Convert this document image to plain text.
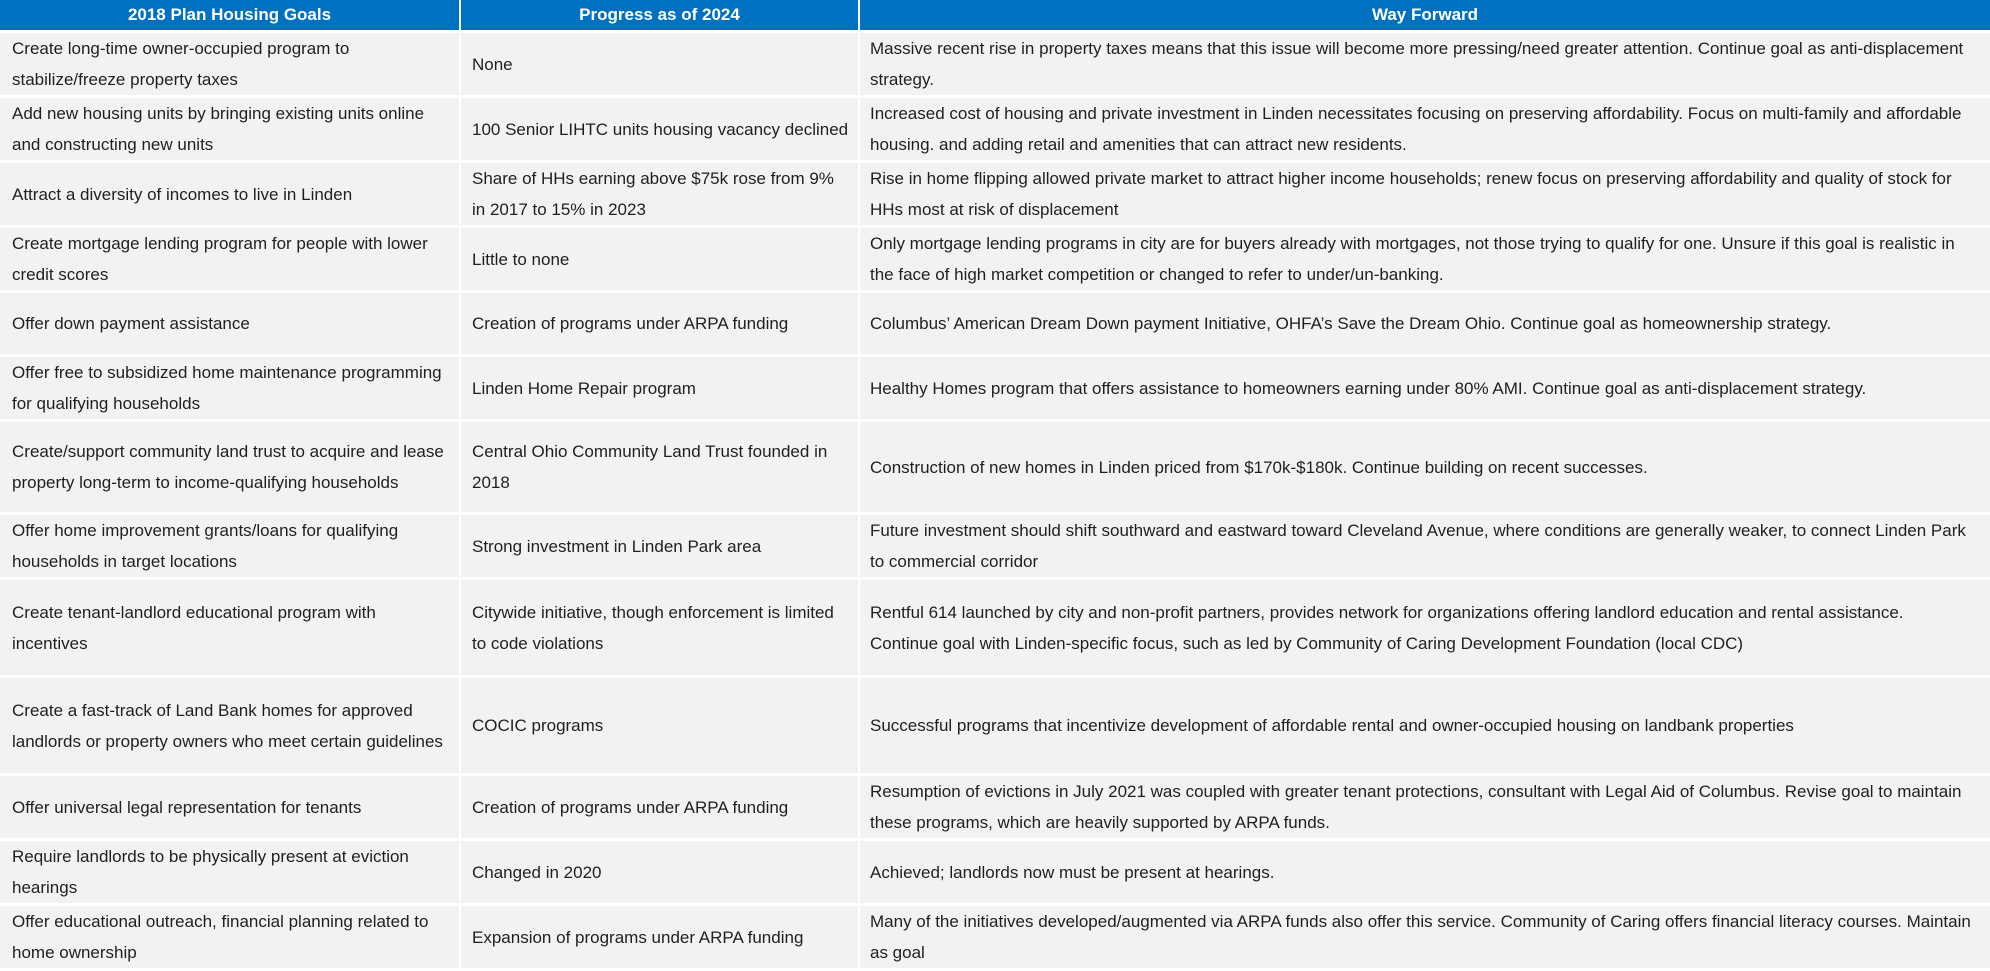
2018 Plan Housing Goals	Progress as of 2024	Way Forward
Create long-time owner-occupied program to stabilize/freeze property taxes	None	Massive recent rise in property taxes means that this issue will become more pressing/need greater attention. Continue goal as anti-displacement strategy.
Add new housing units by bringing existing units online and constructing new units	100 Senior LIHTC units housing vacancy declined	Increased cost of housing and private investment in Linden necessitates focusing on preserving affordability. Focus on multi-family and affordable housing. and adding retail and amenities that can attract new residents.
Attract a diversity of incomes to live in Linden	Share of HHs earning above $75k rose from 9% in 2017 to 15% in 2023	Rise in home flipping allowed private market to attract higher income households; renew focus on preserving affordability and quality of stock for HHs most at risk of displacement
Create mortgage lending program for people with lower credit scores	Little to none	Only mortgage lending programs in city are for buyers already with mortgages, not those trying to qualify for one. Unsure if this goal is realistic in the face of high market competition or changed to refer to under/un-banking.
Offer down payment assistance	Creation of programs under ARPA funding	Columbus’ American Dream Down payment Initiative, OHFA’s Save the Dream Ohio. Continue goal as homeownership strategy.
Offer free to subsidized home maintenance programming for qualifying households	Linden Home Repair program	Healthy Homes program that offers assistance to homeowners earning under 80% AMI. Continue goal as anti-displacement strategy.
Create/support community land trust to acquire and lease property long-term to income-qualifying households	Central Ohio Community Land Trust founded in 2018	Construction of new homes in Linden priced from $170k-$180k. Continue building on recent successes.
Offer home improvement grants/loans for qualifying households in target locations	Strong investment in Linden Park area	Future investment should shift southward and eastward toward Cleveland Avenue, where conditions are generally weaker, to connect Linden Park to commercial corridor
Create tenant-landlord educational program with incentives	Citywide initiative, though enforcement is limited to code violations	Rentful 614 launched by city and non-profit partners, provides network for organizations offering landlord education and rental assistance. Continue goal with Linden-specific focus, such as led by Community of Caring Development Foundation (local CDC)
Create a fast-track of Land Bank homes for approved landlords or property owners who meet certain guidelines	COCIC programs	Successful programs that incentivize development of affordable rental and owner-occupied housing on landbank properties
Offer universal legal representation for tenants	Creation of programs under ARPA funding	Resumption of evictions in July 2021 was coupled with greater tenant protections, consultant with Legal Aid of Columbus. Revise goal to maintain these programs, which are heavily supported by ARPA funds.
Require landlords to be physically present at eviction hearings	Changed in 2020	Achieved; landlords now must be present at hearings.
Offer educational outreach, financial planning related to home ownership	Expansion of programs under ARPA funding	Many of the initiatives developed/augmented via ARPA funds also offer this service. Community of Caring offers financial literacy courses. Maintain as goal
